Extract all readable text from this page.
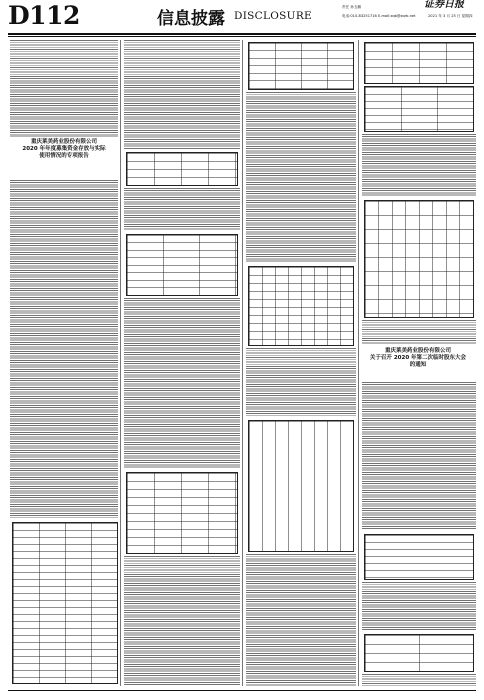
D112	信息披露 DISCLOSURE
责任 孙玉鹏
电话:010-83251716 E-mail:zqb@zqrb.net
证券日报
2021 年 3 月 25 日 星期四
重庆莱美药业股份有限公司
2020 年年度募集资金存放与实际使用情况的专项报告
重庆莱美药业股份有限公司
关于召开 2020 年第二次临时股东大会的通知
